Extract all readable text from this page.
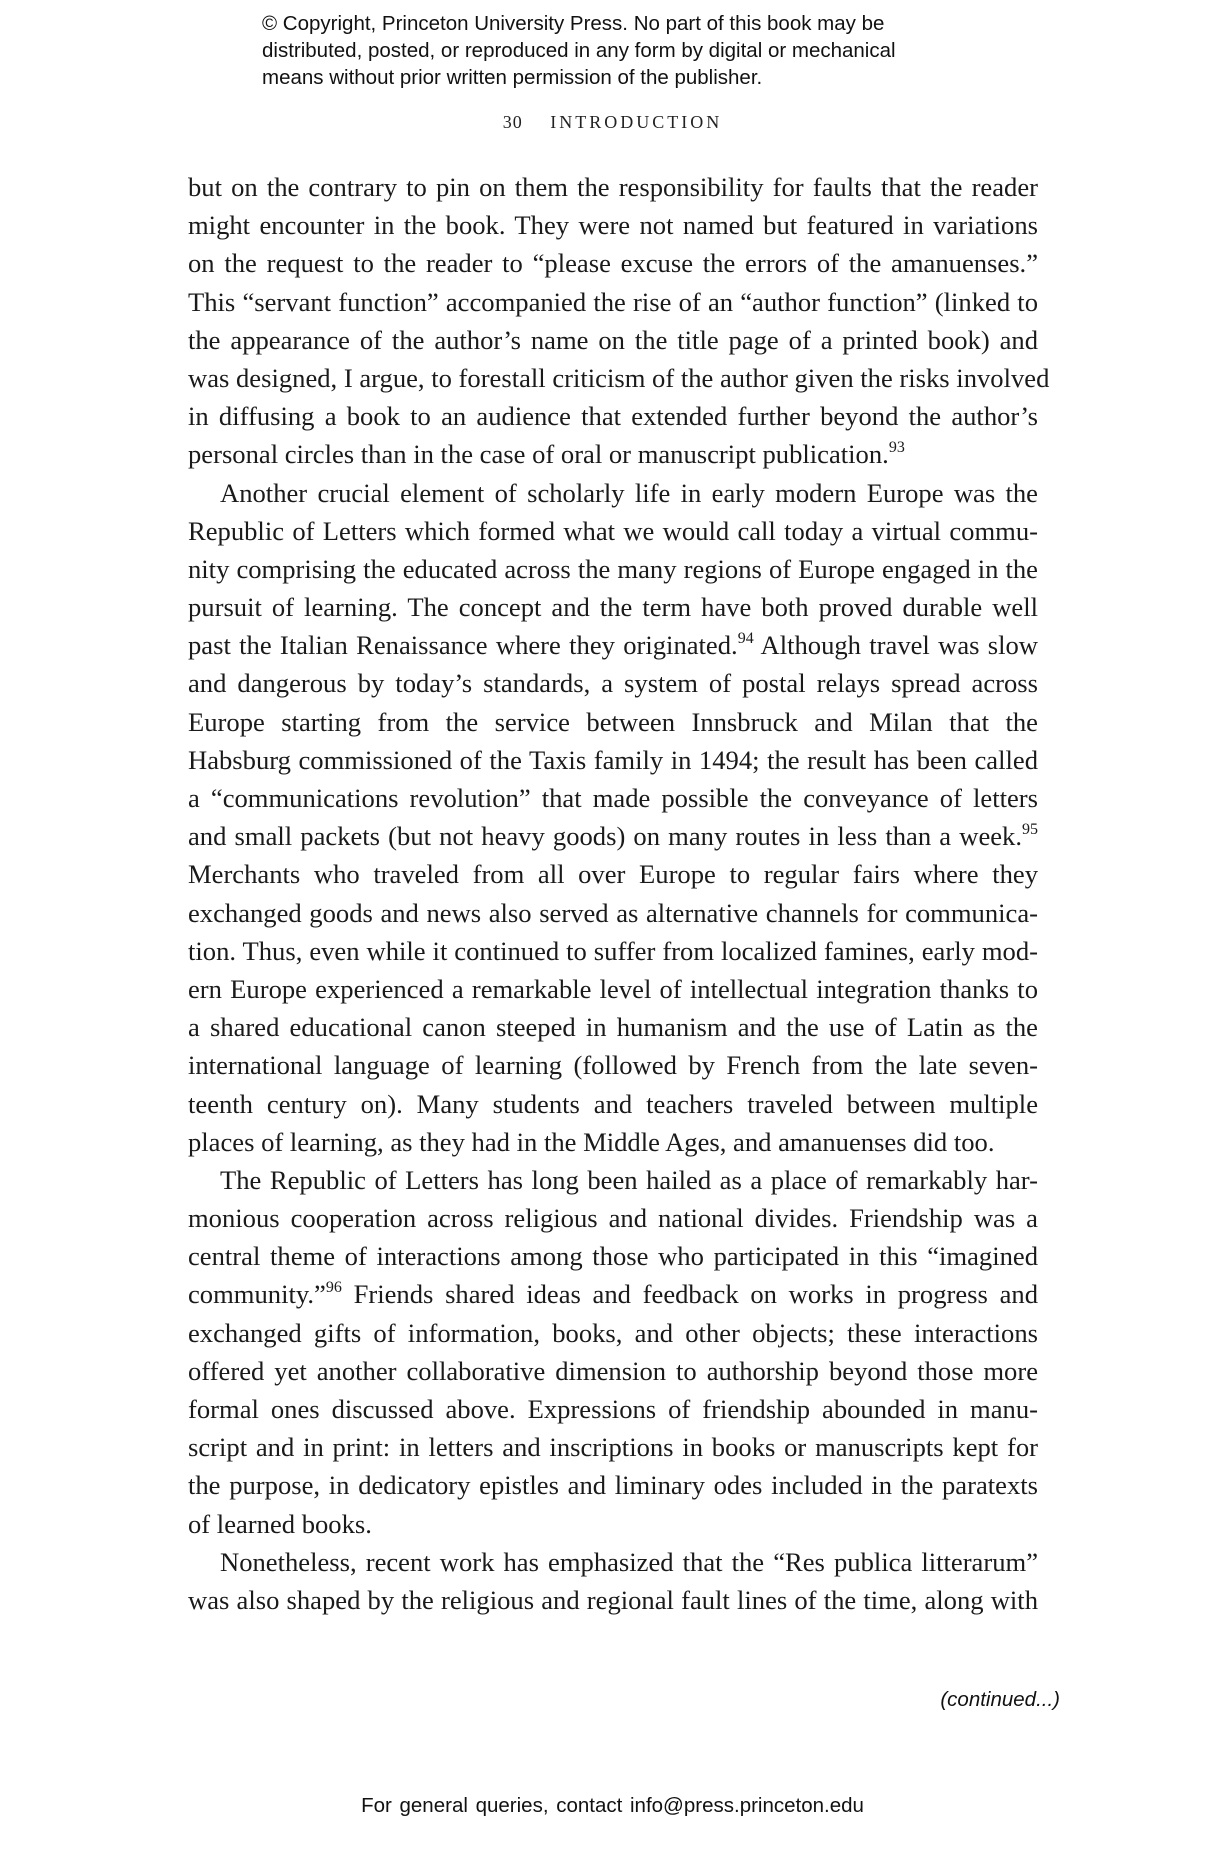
© Copyright, Princeton University Press. No part of this book may be
distributed, posted, or reproduced in any form by digital or mechanical
means without prior written permission of the publisher.
30 INTRODUCTION
but on the contrary to pin on them the responsibility for faults that the reader
might encounter in the book. They were not named but featured in variations
on the request to the reader to “please excuse the errors of the amanuenses.”
This “servant function” accompanied the rise of an “author function” (linked to
the appearance of the author’s name on the title page of a printed book) and
was designed, I argue, to forestall criticism of the author given the risks involved
in diffusing a book to an audience that extended further beyond the author’s
personal circles than in the case of oral or manuscript publication.$^{93}$
Another crucial element of scholarly life in early modern Europe was the
Republic of Letters which formed what we would call today a virtual commu-
nity comprising the educated across the many regions of Europe engaged in the
pursuit of learning. The concept and the term have both proved durable well
past the Italian Renaissance where they originated.$^{94}$ Although travel was slow
and dangerous by today’s standards, a system of postal relays spread across
Europe starting from the service between Innsbruck and Milan that the
Habsburg commissioned of the Taxis family in 1494; the result has been called
a “communications revolution” that made possible the conveyance of letters
and small packets (but not heavy goods) on many routes in less than a week.$^{95}$
Merchants who traveled from all over Europe to regular fairs where they
exchanged goods and news also served as alternative channels for communica-
tion. Thus, even while it continued to suffer from localized famines, early mod-
ern Europe experienced a remarkable level of intellectual integration thanks to
a shared educational canon steeped in humanism and the use of Latin as the
international language of learning (followed by French from the late seven-
teenth century on). Many students and teachers traveled between multiple
places of learning, as they had in the Middle Ages, and amanuenses did too.
The Republic of Letters has long been hailed as a place of remarkably har-
monious cooperation across religious and national divides. Friendship was a
central theme of interactions among those who participated in this “imagined
community.”$^{96}$ Friends shared ideas and feedback on works in progress and
exchanged gifts of information, books, and other objects; these interactions
offered yet another collaborative dimension to authorship beyond those more
formal ones discussed above. Expressions of friendship abounded in manu-
script and in print: in letters and inscriptions in books or manuscripts kept for
the purpose, in dedicatory epistles and liminary odes included in the paratexts
of learned books.
Nonetheless, recent work has emphasized that the “Res publica litterarum”
was also shaped by the religious and regional fault lines of the time, along with
(continued...)
For general queries, contact info@press.princeton.edu
